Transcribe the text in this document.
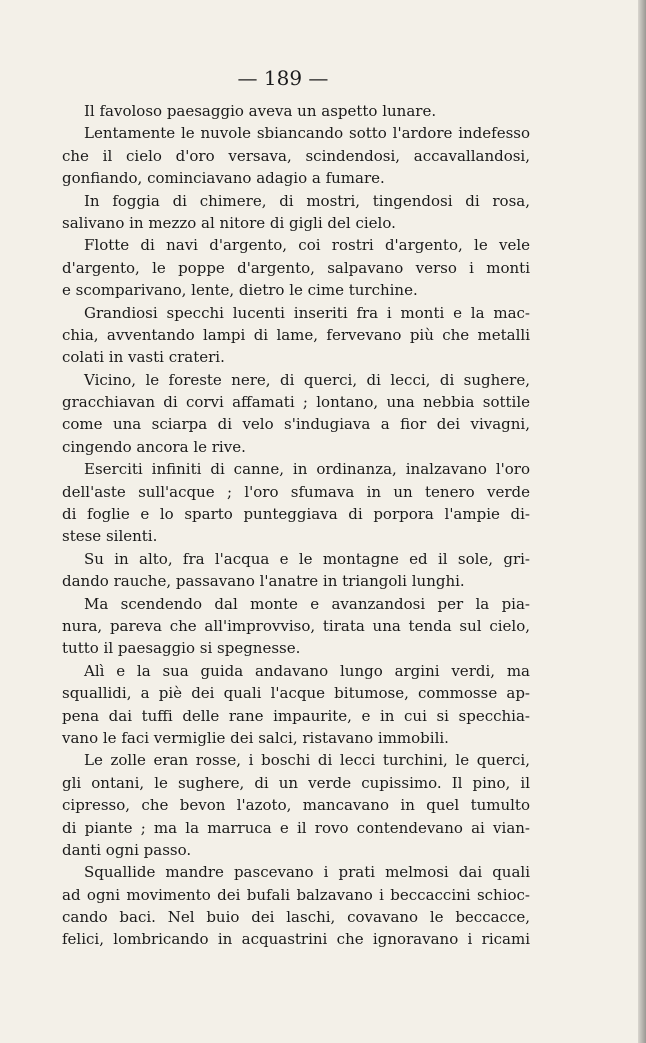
— 189 —
Il favoloso paesaggio aveva un aspetto lunare.
Lentamente le nuvole sbiancando sotto l'ardore indefesso
che il cielo d'oro versava, scindendosi, accavallandosi,
gonfiando, cominciavano adagio a fumare.
In foggia di chimere, di mostri, tingendosi di rosa,
salivano in mezzo al nitore di gigli del cielo.
Flotte di navi d'argento, coi rostri d'argento, le vele
d'argento, le poppe d'argento, salpavano verso i monti
e scomparivano, lente, dietro le cime turchine.
Grandiosi specchi lucenti inseriti fra i monti e la mac-
chia, avventando lampi di lame, fervevano più che metalli
colati in vasti crateri.
Vicino, le foreste nere, di querci, di lecci, di sughere,
gracchiavan di corvi affamati ; lontano, una nebbia sottile
come una sciarpa di velo s'indugiava a fior dei vivagni,
cingendo ancora le rive.
Eserciti infiniti di canne, in ordinanza, inalzavano l'oro
dell'aste sull'acque ; l'oro sfumava in un tenero verde
di foglie e lo sparto punteggiava di porpora l'ampie di-
stese silenti.
Su in alto, fra l'acqua e le montagne ed il sole, gri-
dando rauche, passavano l'anatre in triangoli lunghi.
Ma scendendo dal monte e avanzandosi per la pia-
nura, pareva che all'improvviso, tirata una tenda sul cielo,
tutto il paesaggio si spegnesse.
Alì e la sua guida andavano lungo argini verdi, ma
squallidi, a piè dei quali l'acque bitumose, commosse ap-
pena dai tuffi delle rane impaurite, e in cui si specchia-
vano le faci vermiglie dei salci, ristavano immobili.
Le zolle eran rosse, i boschi di lecci turchini, le querci,
gli ontani, le sughere, di un verde cupissimo. Il pino, il
cipresso, che bevon l'azoto, mancavano in quel tumulto
di piante ; ma la marruca e il rovo contendevano ai vian-
danti ogni passo.
Squallide mandre pascevano i prati melmosi dai quali
ad ogni movimento dei bufali balzavano i beccaccini schioc-
cando baci. Nel buio dei laschi, covavano le beccacce,
felici, lombricando in acquastrini che ignoravano i ricami
